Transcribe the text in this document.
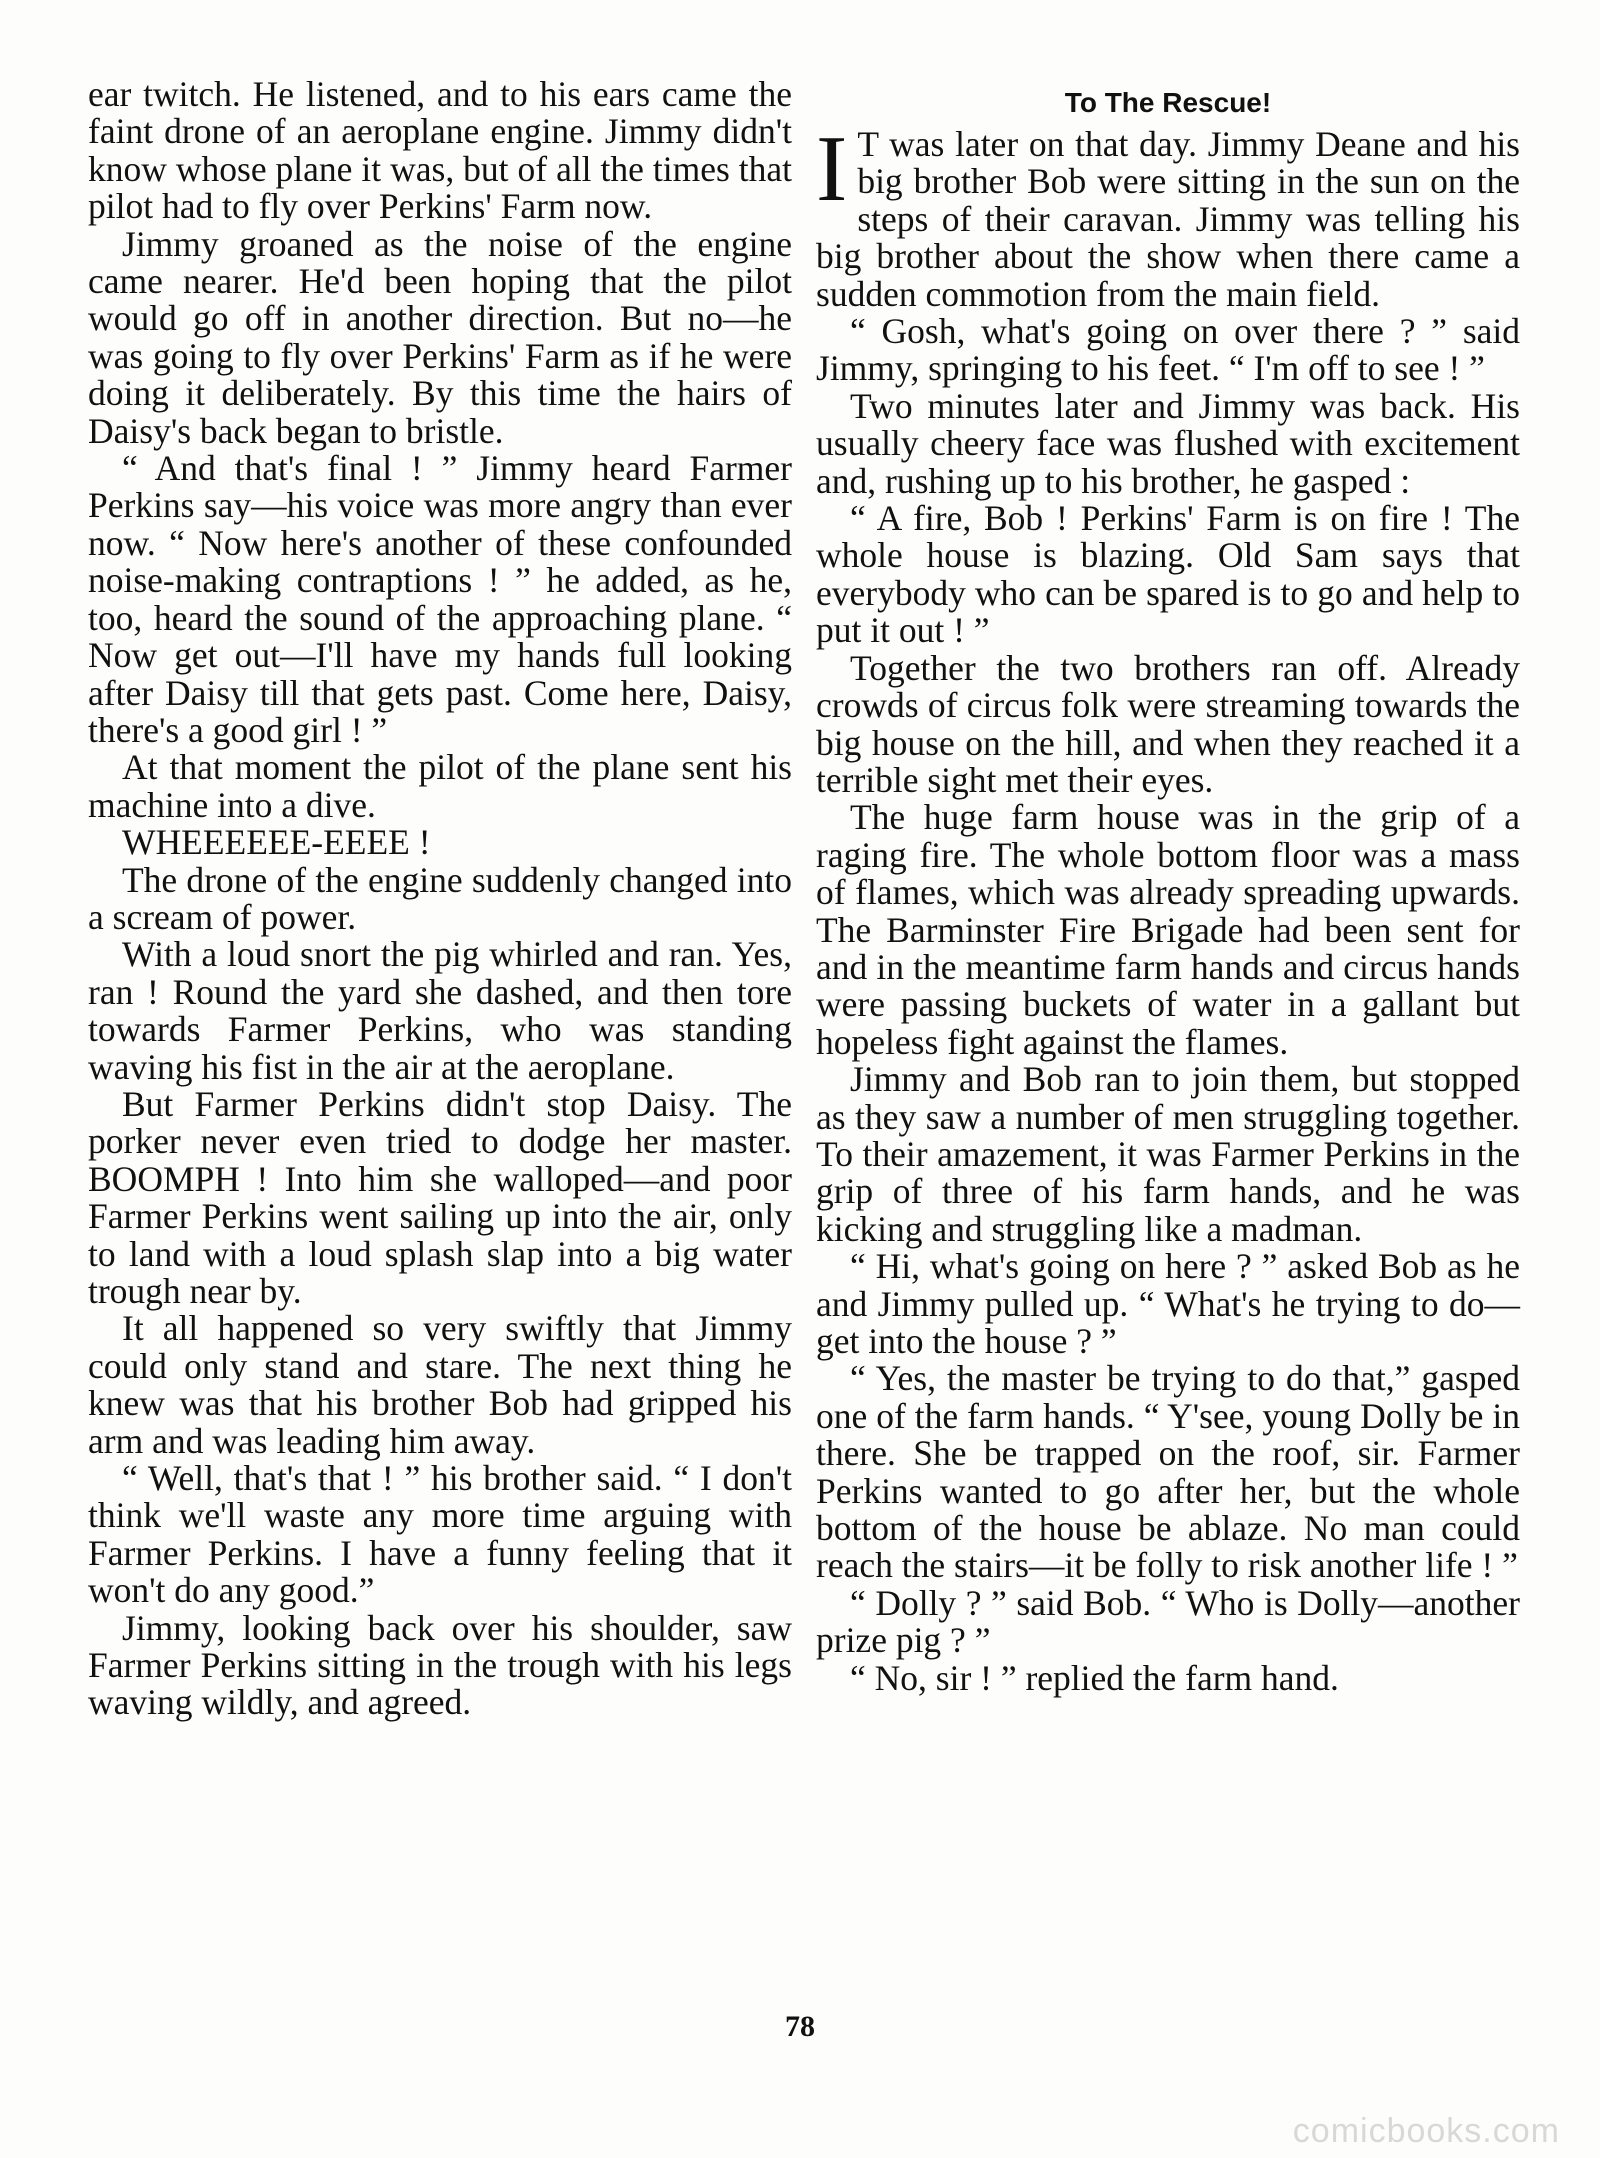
ear twitch. He listened, and to his ears came the faint drone of an aeroplane engine. Jimmy didn't know whose plane it was, but of all the times that pilot had to fly over Perkins' Farm now.

Jimmy groaned as the noise of the engine came nearer. He'd been hoping that the pilot would go off in another direction. But no—he was going to fly over Perkins' Farm as if he were doing it deliberately. By this time the hairs of Daisy's back began to bristle.

“ And that's final ! ” Jimmy heard Farmer Perkins say—his voice was more angry than ever now. “ Now here's another of these confounded noise-making contraptions ! ” he added, as he, too, heard the sound of the approaching plane. “ Now get out—I'll have my hands full looking after Daisy till that gets past. Come here, Daisy, there's a good girl ! ”

At that moment the pilot of the plane sent his machine into a dive.

WHEEEEEE-EEEE !

The drone of the engine suddenly changed into a scream of power.

With a loud snort the pig whirled and ran. Yes, ran ! Round the yard she dashed, and then tore towards Farmer Perkins, who was standing waving his fist in the air at the aeroplane.

But Farmer Perkins didn't stop Daisy. The porker never even tried to dodge her master. BOOMPH ! Into him she walloped—and poor Farmer Perkins went sailing up into the air, only to land with a loud splash slap into a big water trough near by.

It all happened so very swiftly that Jimmy could only stand and stare. The next thing he knew was that his brother Bob had gripped his arm and was leading him away.

“ Well, that's that ! ” his brother said. “ I don't think we'll waste any more time arguing with Farmer Perkins. I have a funny feeling that it won't do any good.”

Jimmy, looking back over his shoulder, saw Farmer Perkins sitting in the trough with his legs waving wildly, and agreed.

To The Rescue!

I T was later on that day. Jimmy Deane and his big brother Bob were sitting in the sun on the steps of their caravan. Jimmy was telling his big brother about the show when there came a sudden commotion from the main field.

“ Gosh, what's going on over there ? ” said Jimmy, springing to his feet. “ I'm off to see ! ”

Two minutes later and Jimmy was back. His usually cheery face was flushed with excitement and, rushing up to his brother, he gasped :

“ A fire, Bob ! Perkins' Farm is on fire ! The whole house is blazing. Old Sam says that everybody who can be spared is to go and help to put it out ! ”

Together the two brothers ran off. Already crowds of circus folk were streaming towards the big house on the hill, and when they reached it a terrible sight met their eyes.

The huge farm house was in the grip of a raging fire. The whole bottom floor was a mass of flames, which was already spreading upwards. The Barminster Fire Brigade had been sent for and in the meantime farm hands and circus hands were passing buckets of water in a gallant but hopeless fight against the flames.

Jimmy and Bob ran to join them, but stopped as they saw a number of men struggling together. To their amazement, it was Farmer Perkins in the grip of three of his farm hands, and he was kicking and struggling like a madman.

“ Hi, what's going on here ? ” asked Bob as he and Jimmy pulled up. “ What's he trying to do—get into the house ? ”

“ Yes, the master be trying to do that,” gasped one of the farm hands. “ Y'see, young Dolly be in there. She be trapped on the roof, sir. Farmer Perkins wanted to go after her, but the whole bottom of the house be ablaze. No man could reach the stairs—it be folly to risk another life ! ”

“ Dolly ? ” said Bob. “ Who is Dolly—another prize pig ? ”

“ No, sir ! ” replied the farm hand.

78
comicbooks.com
